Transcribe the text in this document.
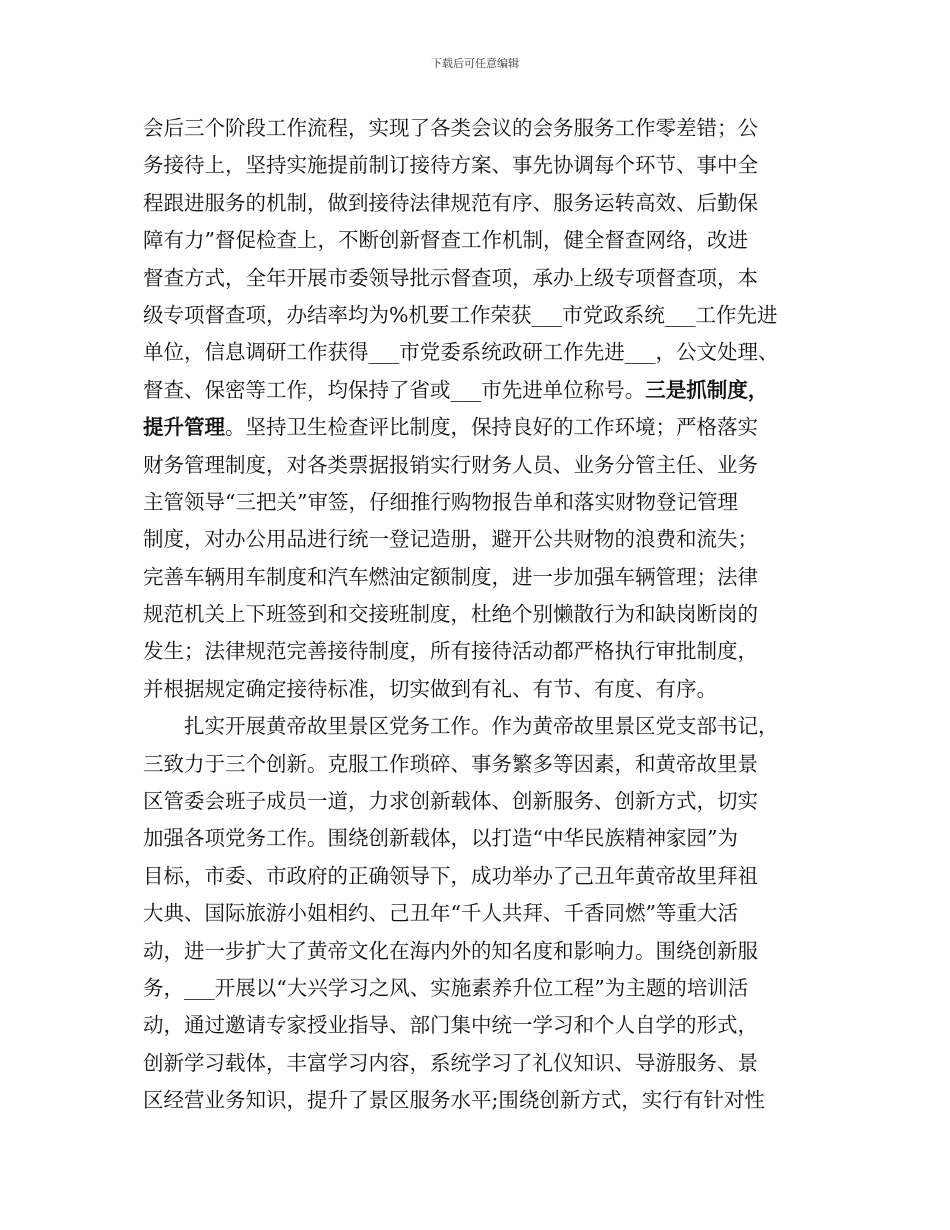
下载后可任意编辑
会后三个阶段工作流程，实现了各类会议的会务服务工作零差错；公
务接待上，坚持实施提前制订接待方案、事先协调每个环节、事中全
程跟进服务的机制，做到接待法律规范有序、服务运转高效、后勤保
障有力”督促检查上，不断创新督查工作机制，健全督查网络，改进
督查方式，全年开展市委领导批示督查项，承办上级专项督查项，本
级专项督查项，办结率均为%机要工作荣获___市党政系统___工作先进
单位，信息调研工作获得___市党委系统政研工作先进___，公文处理、
督查、保密等工作，均保持了省或___市先进单位称号。三是抓制度，
提升管理。坚持卫生检查评比制度，保持良好的工作环境；严格落实
财务管理制度，对各类票据报销实行财务人员、业务分管主任、业务
主管领导“三把关”审签，仔细推行购物报告单和落实财物登记管理
制度，对办公用品进行统一登记造册，避开公共财物的浪费和流失；
完善车辆用车制度和汽车燃油定额制度，进一步加强车辆管理；法律
规范机关上下班签到和交接班制度，杜绝个别懒散行为和缺岗断岗的
发生；法律规范完善接待制度，所有接待活动都严格执行审批制度，
并根据规定确定接待标准，切实做到有礼、有节、有度、有序。
扎实开展黄帝故里景区党务工作。作为黄帝故里景区党支部书记，
三致力于三个创新。克服工作琐碎、事务繁多等因素，和黄帝故里景
区管委会班子成员一道，力求创新载体、创新服务、创新方式，切实
加强各项党务工作。围绕创新载体，以打造“中华民族精神家园”为
目标，市委、市政府的正确领导下，成功举办了己丑年黄帝故里拜祖
大典、国际旅游小姐相约、己丑年“千人共拜、千香同燃”等重大活
动，进一步扩大了黄帝文化在海内外的知名度和影响力。围绕创新服
务，___开展以“大兴学习之风、实施素养升位工程”为主题的培训活
动，通过邀请专家授业指导、部门集中统一学习和个人自学的形式，
创新学习载体，丰富学习内容，系统学习了礼仪知识、导游服务、景
区经营业务知识，提升了景区服务水平;围绕创新方式，实行有针对性
